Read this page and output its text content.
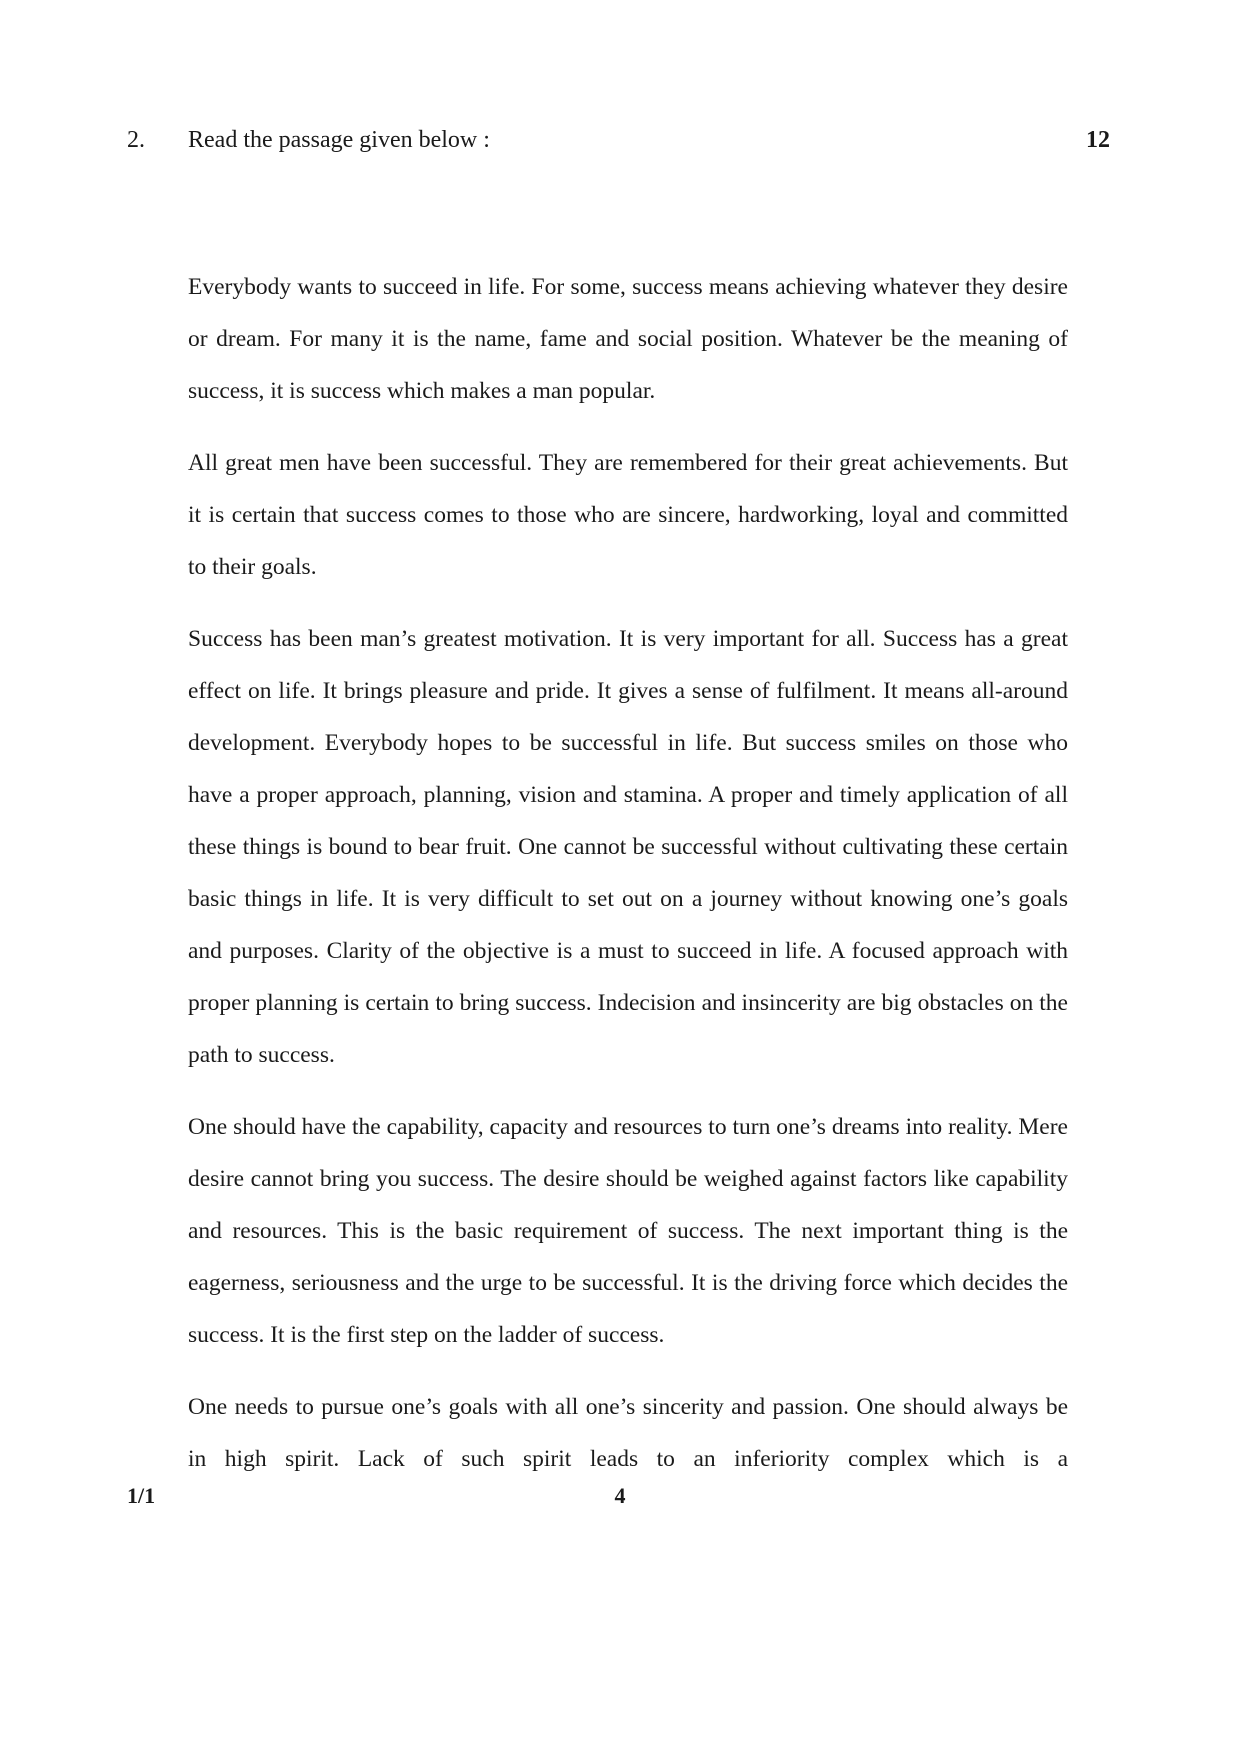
2. Read the passage given below :	12

Everybody wants to succeed in life. For some, success means achieving whatever they desire or dream. For many it is the name, fame and social position. Whatever be the meaning of success, it is success which makes a man popular.

All great men have been successful. They are remembered for their great achievements. But it is certain that success comes to those who are sincere, hardworking, loyal and committed to their goals.

Success has been man’s greatest motivation. It is very important for all. Success has a great effect on life. It brings pleasure and pride. It gives a sense of fulfilment. It means all-around development. Everybody hopes to be successful in life. But success smiles on those who have a proper approach, planning, vision and stamina. A proper and timely application of all these things is bound to bear fruit. One cannot be successful without cultivating these certain basic things in life. It is very difficult to set out on a journey without knowing one’s goals and purposes. Clarity of the objective is a must to succeed in life. A focused approach with proper planning is certain to bring success. Indecision and insincerity are big obstacles on the path to success.

One should have the capability, capacity and resources to turn one’s dreams into reality. Mere desire cannot bring you success. The desire should be weighed against factors like capability and resources. This is the basic requirement of success. The next important thing is the eagerness, seriousness and the urge to be successful. It is the driving force which decides the success. It is the first step on the ladder of success.

One needs to pursue one’s goals with all one’s sincerity and passion. One should always be in high spirit. Lack of such spirit leads to an inferiority complex which is a

1/1	4
